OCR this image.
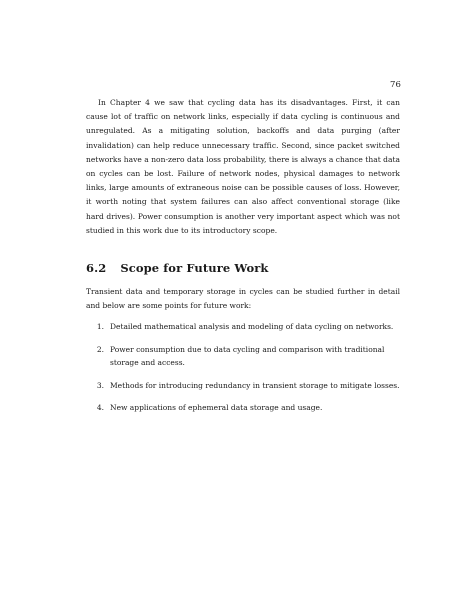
76

In Chapter 4 we saw that cycling data has its disadvantages. First, it can cause lot of traffic on network links, especially if data cycling is continuous and unregulated. As a mitigating solution, backoffs and data purging (after invalidation) can help reduce unnecessary traffic. Second, since packet switched networks have a non-zero data loss probability, there is always a chance that data on cycles can be lost. Failure of network nodes, physical damages to network links, large amounts of extraneous noise can be possible causes of loss. However, it worth noting that system failures can also affect conventional storage (like hard drives). Power consumption is another very important aspect which was not studied in this work due to its introductory scope.

6.2 Scope for Future Work

Transient data and temporary storage in cycles can be studied further in detail and below are some points for future work:

1. Detailed mathematical analysis and modeling of data cycling on networks.
2. Power consumption due to data cycling and comparison with traditional storage and access.
3. Methods for introducing redundancy in transient storage to mitigate losses.
4. New applications of ephemeral data storage and usage.
